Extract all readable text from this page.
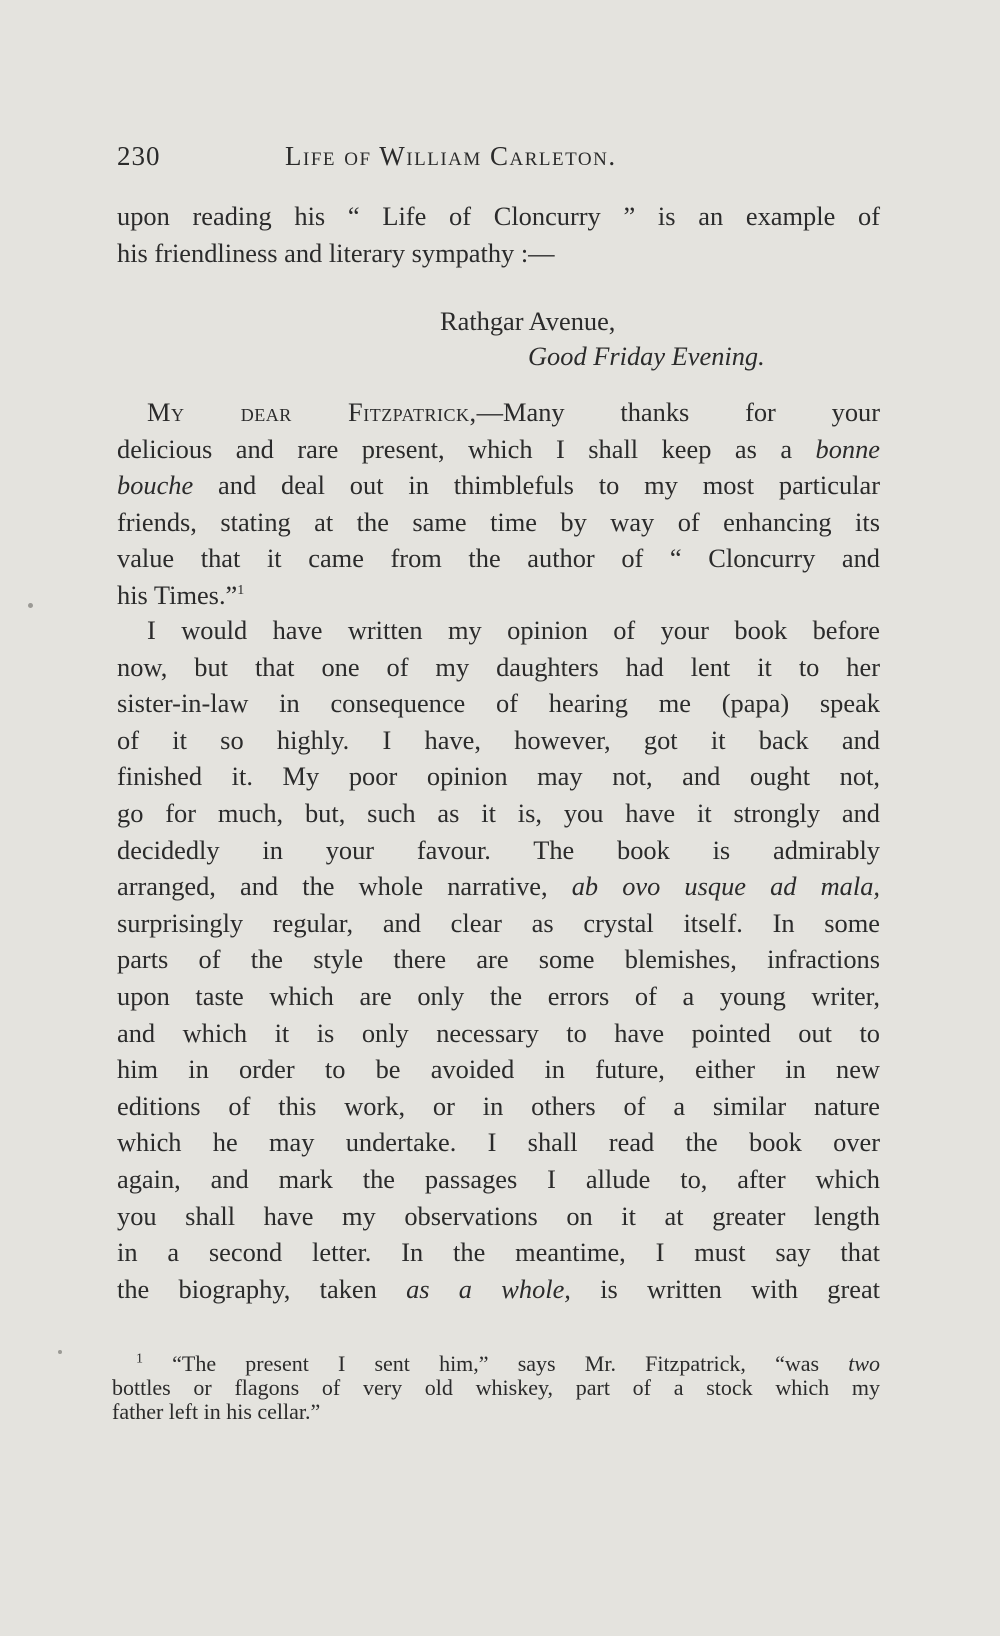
230	Life of William Carleton.
upon reading his “ Life of Cloncurry ” is an example of
his friendliness and literary sympathy :—
Rathgar Avenue,
Good Friday Evening.
My dear Fitzpatrick,—Many thanks for your
delicious and rare present, which I shall keep as a bonne
bouche and deal out in thimblefuls to my most particular
friends, stating at the same time by way of enhancing its
value that it came from the author of “ Cloncurry and
his Times.”$^1$
I would have written my opinion of your book before
now, but that one of my daughters had lent it to her
sister-in-law in consequence of hearing me (papa) speak
of it so highly. I have, however, got it back and
finished it. My poor opinion may not, and ought not,
go for much, but, such as it is, you have it strongly and
decidedly in your favour. The book is admirably
arranged, and the whole narrative, ab ovo usque ad mala,
surprisingly regular, and clear as crystal itself. In some
parts of the style there are some blemishes, infractions
upon taste which are only the errors of a young writer,
and which it is only necessary to have pointed out to
him in order to be avoided in future, either in new
editions of this work, or in others of a similar nature
which he may undertake. I shall read the book over
again, and mark the passages I allude to, after which
you shall have my observations on it at greater length
in a second letter. In the meantime, I must say that
the biography, taken as a whole, is written with great
$^1$ “The present I sent him,” says Mr. Fitzpatrick, “was two
bottles or flagons of very old whiskey, part of a stock which my
father left in his cellar.”
